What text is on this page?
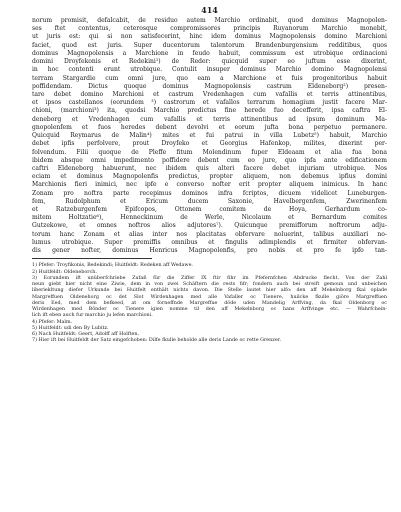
414
norum promisit, defalcabit, de residuo autem Marchio ordinabit, quod dominus Magnopolen-
ses ftet contentus, ceterosque compromissores principis Ruyanorum Marchio monebit,
ut juris est: qui si non satisfecerint, hinc idem dominus Magnopolensis domino Marchioni
faciet, quod est juris. Super ducentorum talentorum Brandenburgensium redditibus, quos
dominus Magnopolensis a Marchione in feudo habuit, commissum est utrobique ordinacioni
domini Droyfekonis et Redekini¹) de Reder: quicquid super eo juftum esse dixerint,
in hoc contenti erunt utrobique. Contulit insuper dominus Marchio domino Magnopolensi
terram Stargardie cum omni jure, quo eam a Marchione et fuis progenitoribus habuit
poffidendam. Dictus quoque dominus Magnopolensis castrum Eldeneborg²) presen-
tare debet domino Marchioni et castrum Vredenhagen cum vafallis et terris attinentibus,
et ipsos castellanos (eorundem ³) castrorum et vafallos terrarum homagium justit facere Mar-
chioni, (marchioni³) ita, quodsi Marchio predictus fine herede fuo decefferit, ipsa caftra El-
deneborg et Vredenhagen cum vafallis et terris attinentibus ad ipsum dominum Ma-
gnopolenfem et fuos heredes debent devolvi et eorum jufta bona perpetuo permanere.
Quicquid Reymarus de Malin⁴) mites et fui patrui in villa Lubetz⁵) habuit, Marchio
debet ipfis perfolvere, prout Droyfeko et Georgius Hafenkop, milites, dixerint per-
folvendum. Filii quoque de Pleffe fitum Molendinum fuper Eldeaam et alia fua bona
ibidem absque omni impedimento poffidere debent cum eo jure, quo ipfa ante edificationem
caftri Eldeneborg habuerunt, nec ibidem quis alteri facere debet injuriam utrobique. Nos
eciam et dominus Magnopolenfis predictus, propter aliquem, non debemus ipfius domini
Marchionis fieri inimici, nec ipfe e converso nofter erit propter aliquem inimicus. In hanc
Zonam pro noftra parte recepimus dominos infra fcriptos, dicuem videlicet Luneburgen-
fem, Rudolphum et Ericum ducem Saxonie, Havelbergenfem, Zwerinenfem
et Ratzeburgenfem Epifcopos, Ottonem comitem de Hoya, Gerhardum co-
mitem Holtzatie⁶), Henneckinum de Werle, Nicolaum et Bernardum comites
Gutzekowe, et omnes noftros alios adjutores⁷). Quicunque premifforum noftrorum adju-
torum hanc Zonam et alias inter nos placitatas obfervare noluerint, talibus auxiliari no-
lumus utrobique. Super premiffis omnibus et fingulis adimplendis et firmiter obfervan-
dis gener nofter, dominus Henricus Magnopolenfis, pro nobis et pro fe ipfo tan-
1) Pfefer: Troyfikonis, Bedekindi; Huitfeldt: Redeken aff Wedawe.
2) Huitfeldt: Oldeneborch.
3) Eorundem ift unüberfchriebe Zufaß für die Ziffer IX ftir fihr im Pfefernfchen Abdrucke flecht. Von der Zahl
neun giebt hier nicht eine Ziwie, dem in von zwei Schäftern die rests fifr; fondern auch bei streift gemoun und unbeichen
liberiekltung diefer Urkunde bei Huitfelt enthält nichts davon. Die Stelle lautet hier alfo: den aff Mekelnborg fkal oplade
Margreffuen Oldenehorg oc det Slot Wirdenhagen med alle Vafaller oc Tienere, huilcke fkulle giöre Margreffuen
deris Eed, med dem befkeed, at om forneffnde Margreffue döde uden Mandelig Arffving, da fkal Oldenborg oc
Wirdenhagen med Bönder oc Tienere igien nomme til den aff Mekelnborg oc hans Arffvinge etc. — Wahrfchein-
lich ift eben auch fur marchio ju lefen marchioni.
4) Pfefer: Malm.
5) Huitfeldt: udi den By Lubitz.
6) Nach Huitfeldt: Geert, Adolff aff Holften.
7) Hier ift bei Huitfeldt der Satz eingefchoben: Dilfe fkulle beholde alle deris Lande oc rette Grenzer.
